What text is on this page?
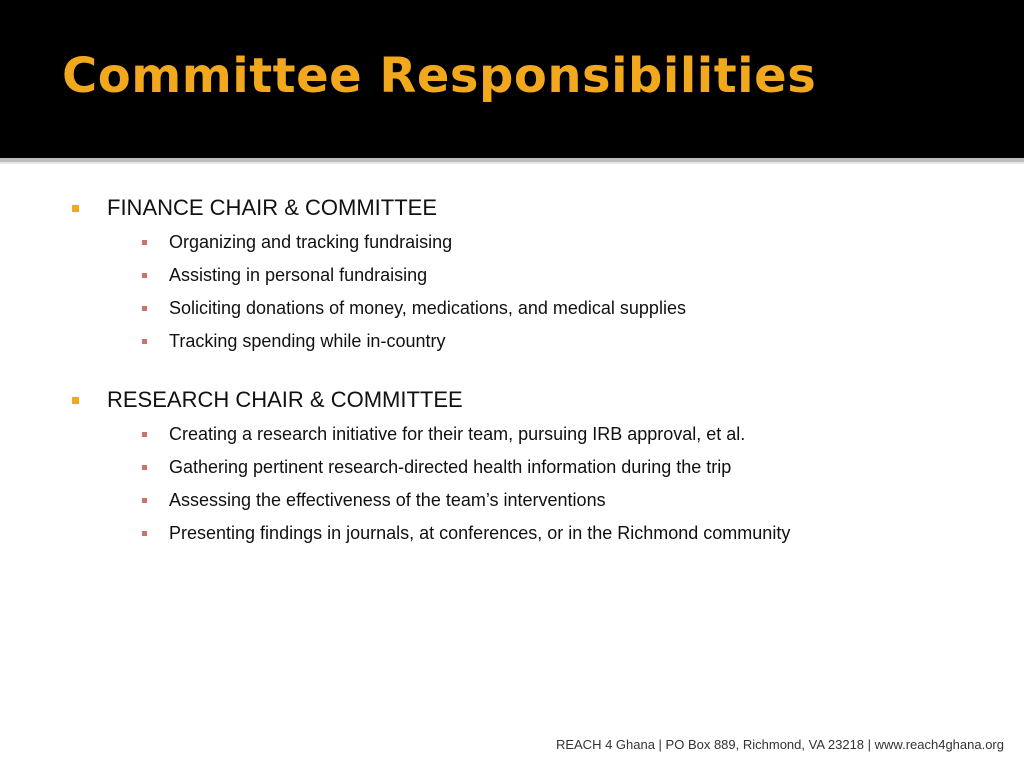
Committee Responsibilities
FINANCE CHAIR & COMMITTEE
Organizing and tracking fundraising
Assisting in personal fundraising
Soliciting donations of money, medications, and medical supplies
Tracking spending while in-country
RESEARCH CHAIR & COMMITTEE
Creating a research initiative for their team, pursuing IRB approval, et al.
Gathering pertinent research-directed health information during the trip
Assessing the effectiveness of the team’s interventions
Presenting findings in journals, at conferences, or in the Richmond community
REACH 4 Ghana | PO Box 889, Richmond, VA 23218 | www.reach4ghana.org
